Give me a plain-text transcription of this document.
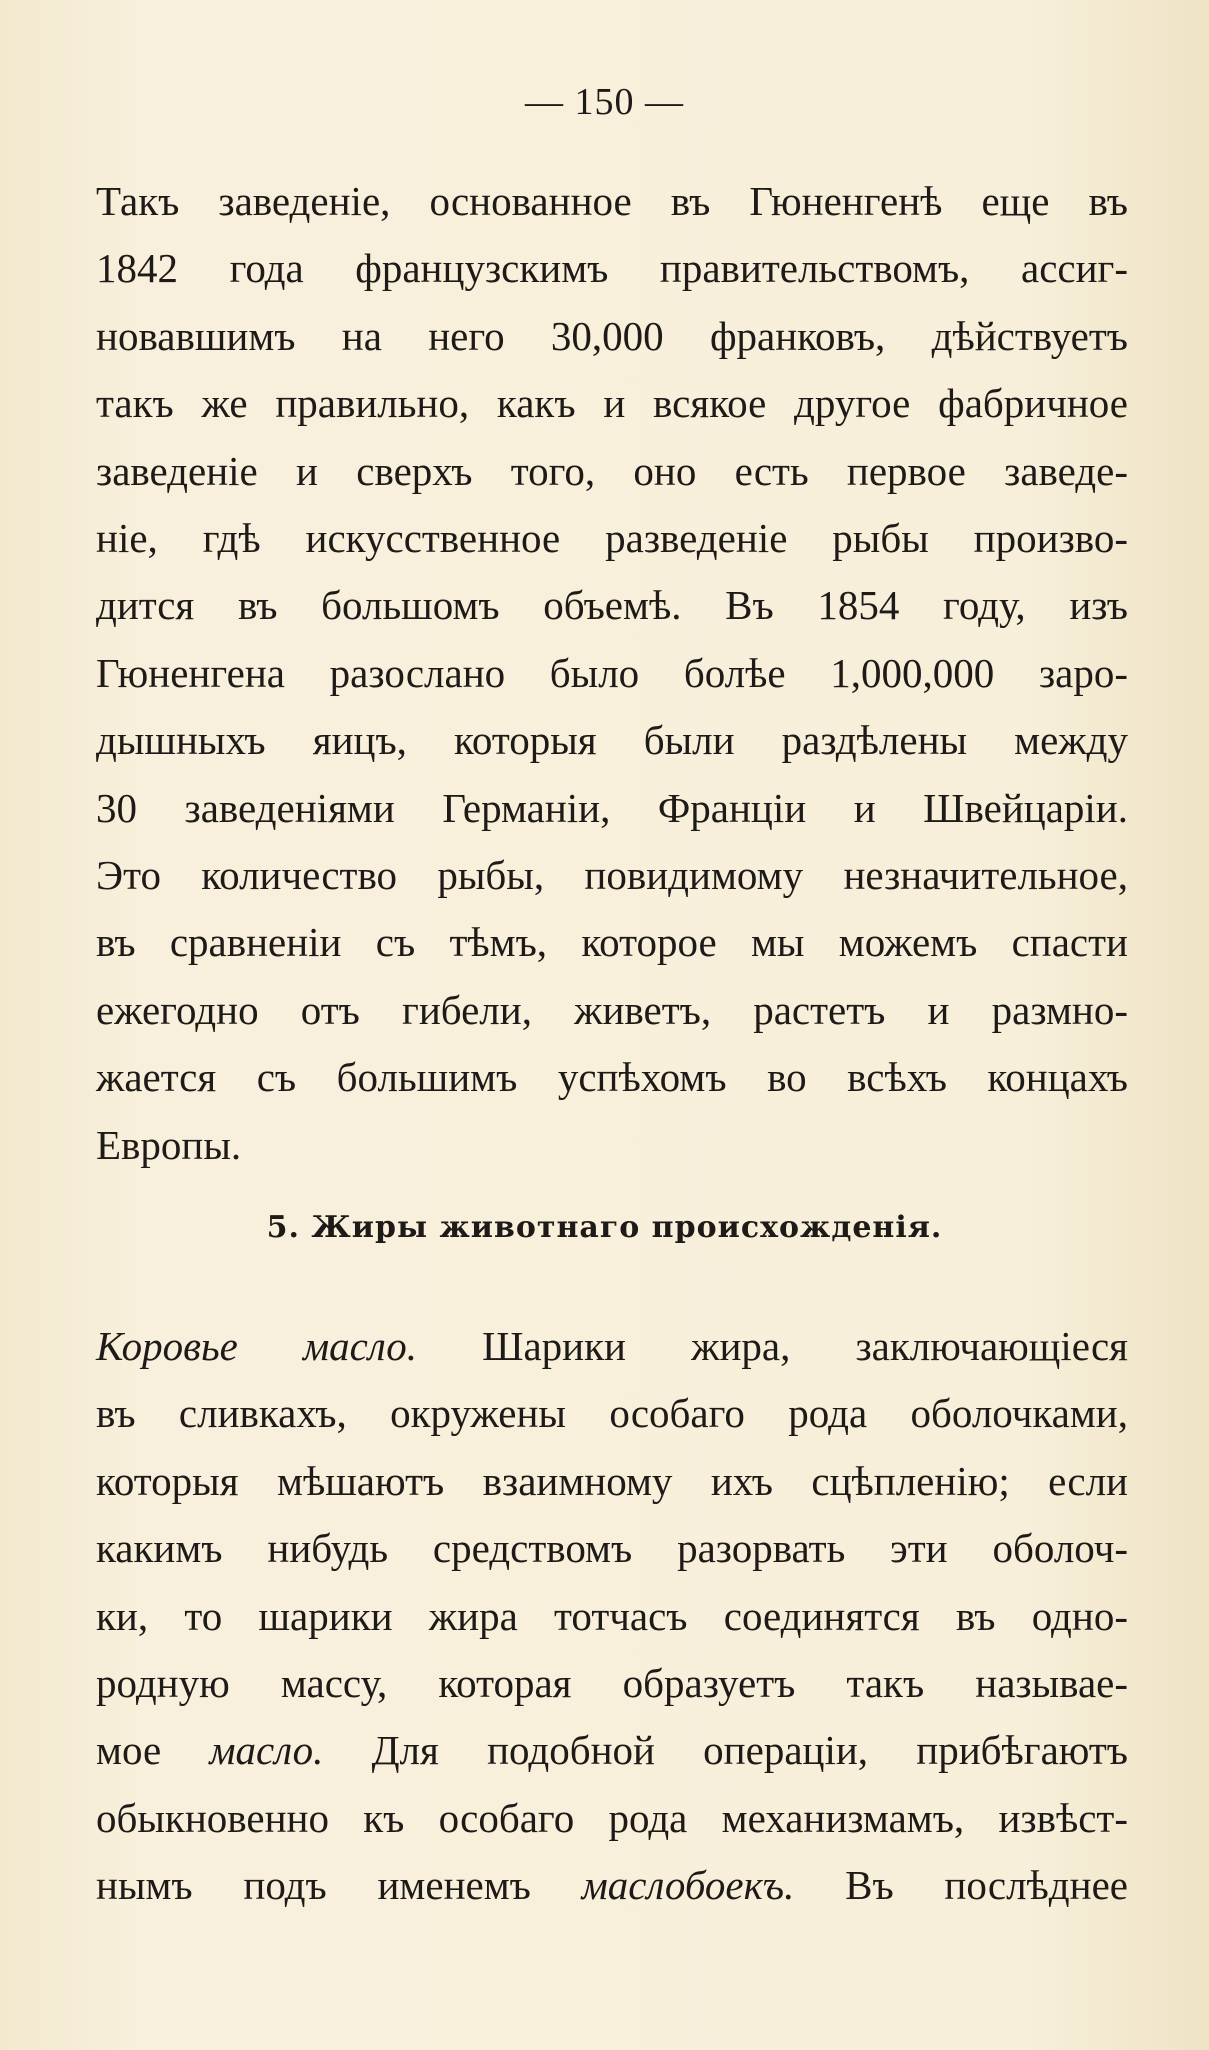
— 150 —
Такъ заведеніе, основанное въ Гюненгенѣ еще въ
1842 года французскимъ правительствомъ, ассиг-
новавшимъ на него 30,000 франковъ, дѣйствуетъ
такъ же правильно, какъ и всякое другое фабричное
заведеніе и сверхъ того, оно есть первое заведе-
ніе, гдѣ искусственное разведеніе рыбы произво-
дится въ большомъ объемѣ. Въ 1854 году, изъ
Гюненгена разослано было болѣе 1,000,000 заро-
дышныхъ яицъ, которыя были раздѣлены между
30 заведеніями Германіи, Франціи и Швейцаріи.
Это количество рыбы, повидимому незначительное,
въ сравненіи съ тѣмъ, которое мы можемъ спасти
ежегодно отъ гибели, живетъ, растетъ и размно-
жается съ большимъ успѣхомъ во всѣхъ концахъ
Европы.
5. Жиры животнаго происхожденія.
Коровье масло. Шарики жира, заключающіеся
въ сливкахъ, окружены особаго рода оболочками,
которыя мѣшаютъ взаимному ихъ сцѣпленію; если
какимъ нибудь средствомъ разорвать эти оболоч-
ки, то шарики жира тотчасъ соединятся въ одно-
родную массу, которая образуетъ такъ называе-
мое масло. Для подобной операціи, прибѣгаютъ
обыкновенно къ особаго рода механизмамъ, извѣст-
нымъ подъ именемъ маслобоекъ. Въ послѣднее
